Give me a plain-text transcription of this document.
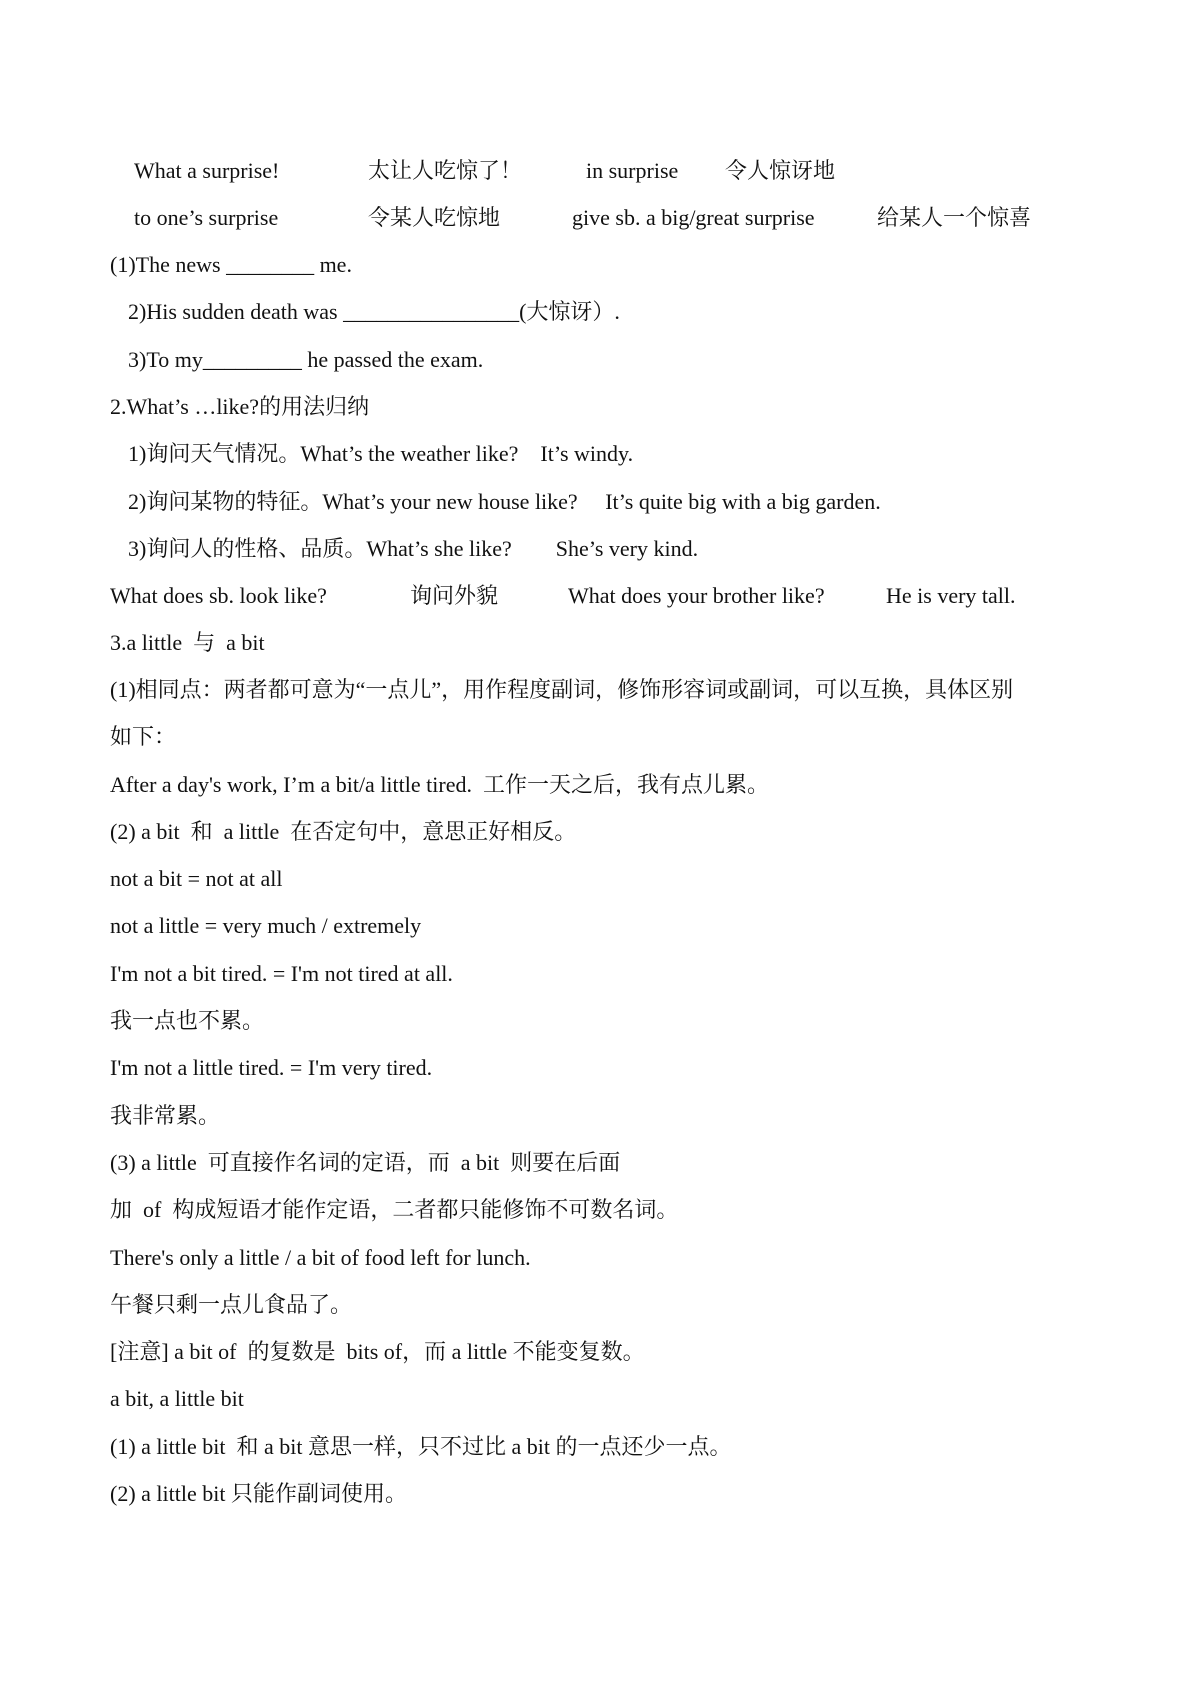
What a surprise!	太让人吃惊了！	in surprise 令人惊讶地
to one’s surprise	令某人吃惊地	give sb. a big/great surprise	给某人一个惊喜
(1)The news ________ me.
2)His sudden death was ________________(大惊讶）.
3)To my_________ he passed the exam.
2.What’s …like?的用法归纳
1)询问天气情况。What’s the weather like?    It’s windy.
2)询问某物的特征。What’s your new house like?     It’s quite big with a big garden.
3)询问人的性格、品质。What’s she like?        She’s very kind.
What does sb. look like?	询问外貌	What does your brother like?	He is very tall.
3.a little  与  a bit
(1)相同点：两者都可意为“一点儿”，用作程度副词，修饰形容词或副词，可以互换，具体区别
如下：
After a day's work, I’m a bit/a little tired.  工作一天之后，我有点儿累。
(2) a bit  和  a little  在否定句中，意思正好相反。
not a bit = not at all
not a little = very much / extremely
I'm not a bit tired. = I'm not tired at all.
我一点也不累。
I'm not a little tired. = I'm very tired.
我非常累。
(3) a little  可直接作名词的定语，而  a bit  则要在后面
加  of  构成短语才能作定语，二者都只能修饰不可数名词。
There's only a little / a bit of food left for lunch.
午餐只剩一点儿食品了。
[注意] a bit of  的复数是  bits of，而 a little 不能变复数。
a bit, a little bit
(1) a little bit  和 a bit 意思一样，只不过比 a bit 的一点还少一点。
(2) a little bit 只能作副词使用。
